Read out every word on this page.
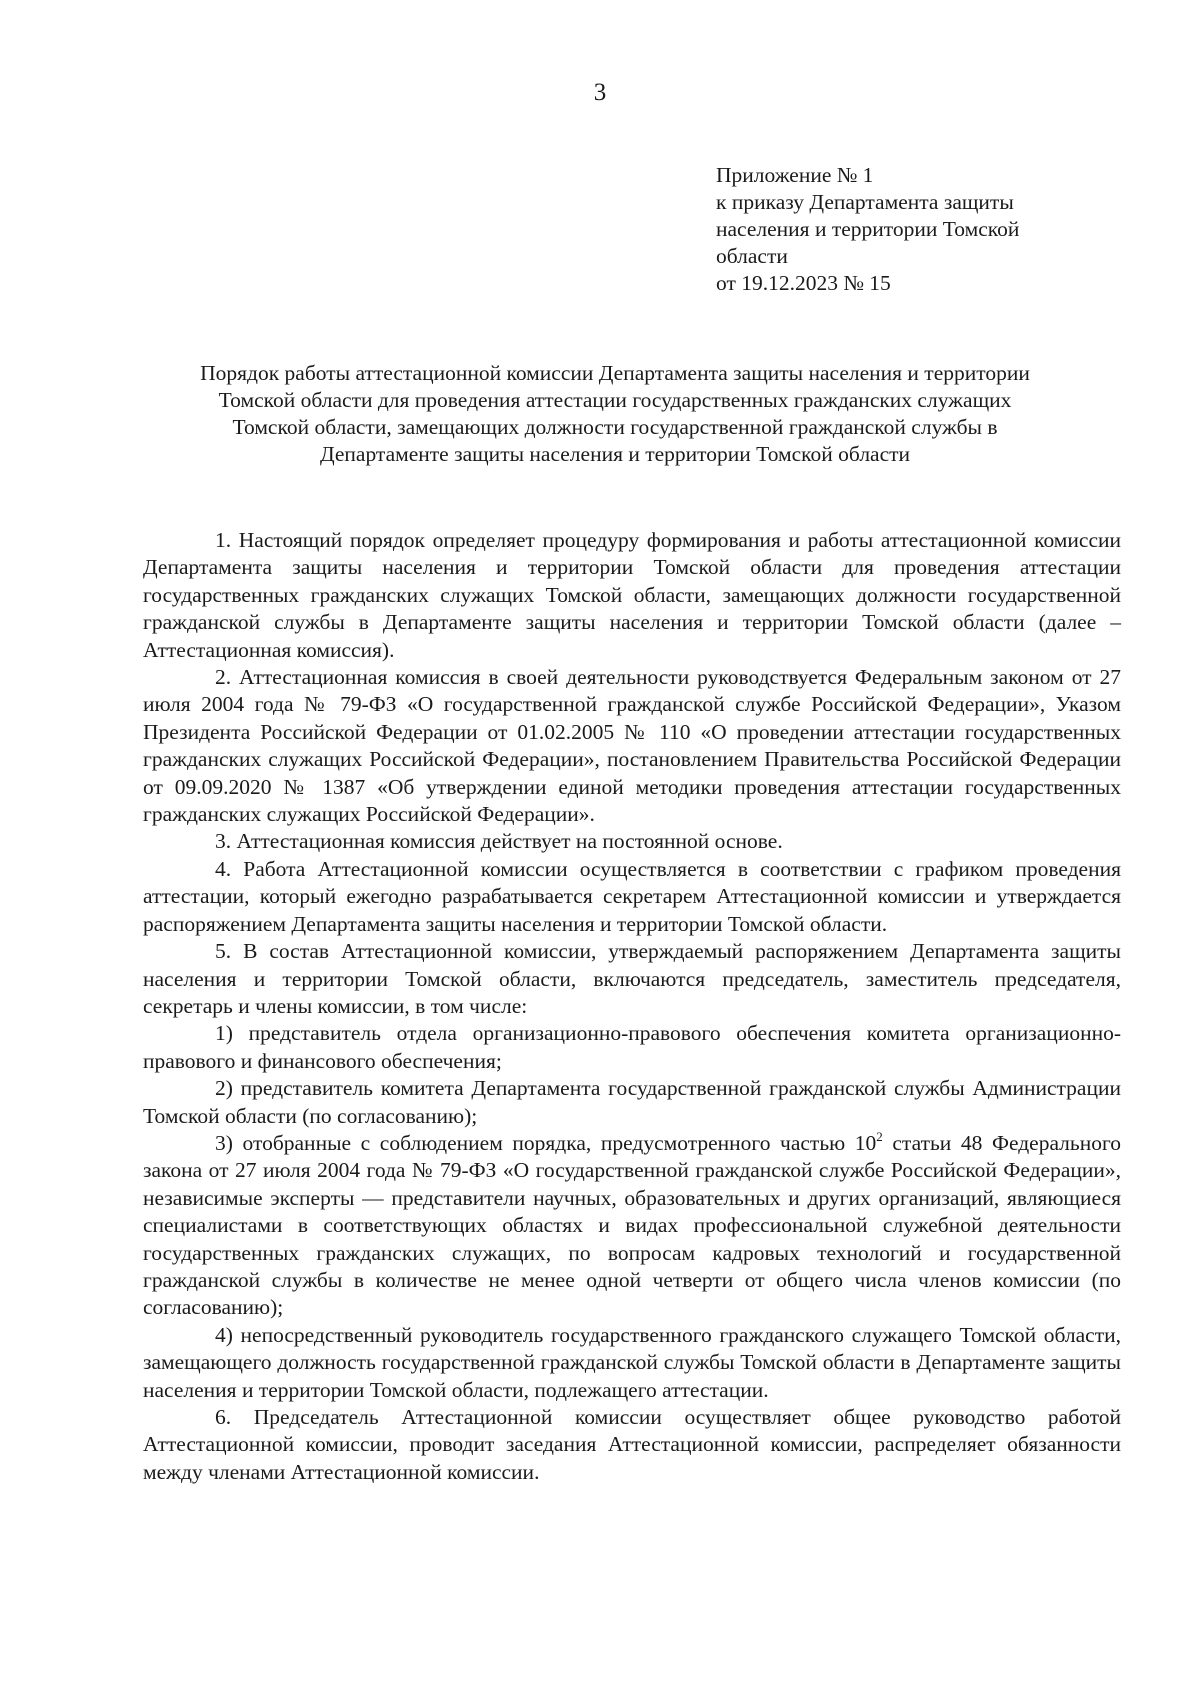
3
Приложение № 1
к приказу Департамента защиты
населения и территории Томской
области
от 19.12.2023 № 15
Порядок работы аттестационной комиссии Департамента защиты населения и территории
Томской области для проведения аттестации государственных гражданских служащих
Томской области, замещающих должности государственной гражданской службы в
Департаменте защиты населения и территории Томской области

1. Настоящий порядок определяет процедуру формирования и работы аттестационной комиссии Департамента защиты населения и территории Томской области для проведения аттестации государственных гражданских служащих Томской области, замещающих должности государственной гражданской службы в Департаменте защиты населения и территории Томской области (далее – Аттестационная комиссия).

2. Аттестационная комиссия в своей деятельности руководствуется Федеральным законом от 27 июля 2004 года № 79-ФЗ «О государственной гражданской службе Российской Федерации», Указом Президента Российской Федерации от 01.02.2005 № 110 «О проведении аттестации государственных гражданских служащих Российской Федерации», постановлением Правительства Российской Федерации от 09.09.2020 № 1387 «Об утверждении единой методики проведения аттестации государственных гражданских служащих Российской Федерации».

3. Аттестационная комиссия действует на постоянной основе.

4. Работа Аттестационной комиссии осуществляется в соответствии с графиком проведения аттестации, который ежегодно разрабатывается секретарем Аттестационной комиссии и утверждается распоряжением Департамента защиты населения и территории Томской области.

5. В состав Аттестационной комиссии, утверждаемый распоряжением Департамента защиты населения и территории Томской области, включаются председатель, заместитель председателя, секретарь и члены комиссии, в том числе:

1) представитель отдела организационно-правового обеспечения комитета организационно-правового и финансового обеспечения;

2) представитель комитета Департамента государственной гражданской службы Администрации Томской области (по согласованию);

3) отобранные с соблюдением порядка, предусмотренного частью $10^2$ статьи 48 Федерального закона от 27 июля 2004 года № 79-ФЗ «О государственной гражданской службе Российской Федерации», независимые эксперты — представители научных, образовательных и других организаций, являющиеся специалистами в соответствующих областях и видах профессиональной служебной деятельности государственных гражданских служащих, по вопросам кадровых технологий и государственной гражданской службы в количестве не менее одной четверти от общего числа членов комиссии (по согласованию);

4) непосредственный руководитель государственного гражданского служащего Томской области, замещающего должность государственной гражданской службы Томской области в Департаменте защиты населения и территории Томской области, подлежащего аттестации.

6. Председатель Аттестационной комиссии осуществляет общее руководство работой Аттестационной комиссии, проводит заседания Аттестационной комиссии, распределяет обязанности между членами Аттестационной комиссии.
